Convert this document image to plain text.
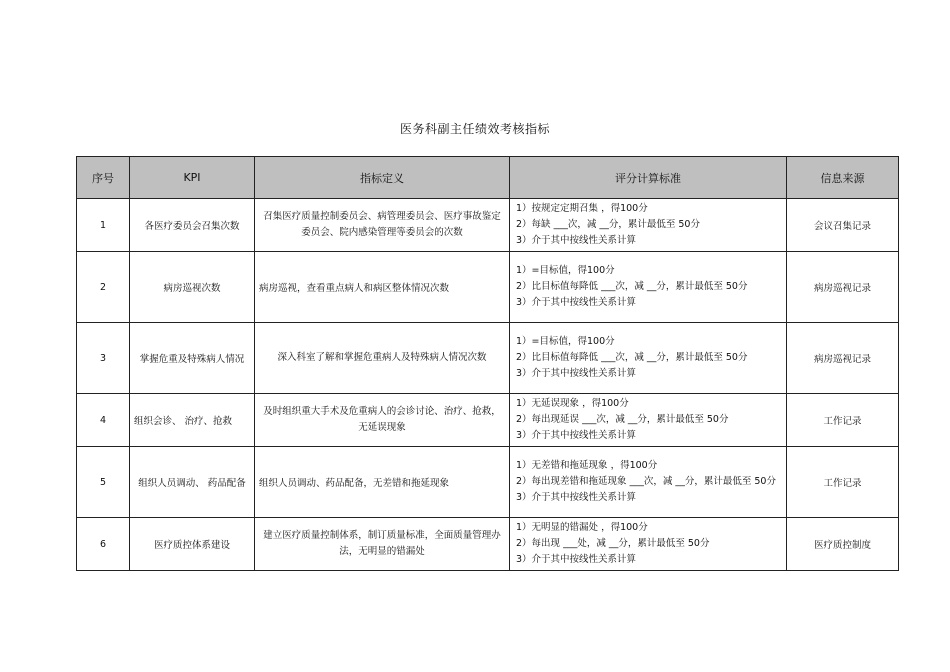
医务科副主任绩效考核指标
序号	KPI	指标定义	评分计算标准	信息来源
1	各医疗委员会召集次数	召集医疗质量控制委员会、病管理委员会、医疗事故鉴定委员会、院内感染管理等委员会的次数	1）按规定定期召集 ，得100分
2）每缺 ___次，减 __分，累计最低至 50分
3）介于其中按线性关系计算	会议召集记录
2	病房巡视次数	病房巡视，查看重点病人和病区整体情况次数	1）=目标值，得100分
2）比目标值每降低 ___次，减 __分，累计最低至 50分
3）介于其中按线性关系计算	病房巡视记录
3	掌握危重及特殊病人情况	深入科室了解和掌握危重病人及特殊病人情况次数	1）=目标值，得100分
2）比目标值每降低 ___次，减 __分，累计最低至 50分
3）介于其中按线性关系计算	病房巡视记录
4	组织会诊、 治疗、抢救	及时组织重大手术及危重病人的会诊讨论、治疗、抢救，无延误现象	1）无延误现象 ，得100分
2）每出现延误 ___次，减 __分，累计最低至 50分
3）介于其中按线性关系计算	工作记录
5	组织人员调动、 药品配备	组织人员调动、药品配备，无差错和拖延现象	1）无差错和拖延现象 ，得100分
2）每出现差错和拖延现象 ___次，减 __分，累计最低至 50分
3）介于其中按线性关系计算	工作记录
6	医疗质控体系建设	建立医疗质量控制体系，制订质量标准，全面质量管理办法，无明显的错漏处	1）无明显的错漏处 ，得100分
2）每出现 ___处，减 __分，累计最低至 50分
3）介于其中按线性关系计算	医疗质控制度
